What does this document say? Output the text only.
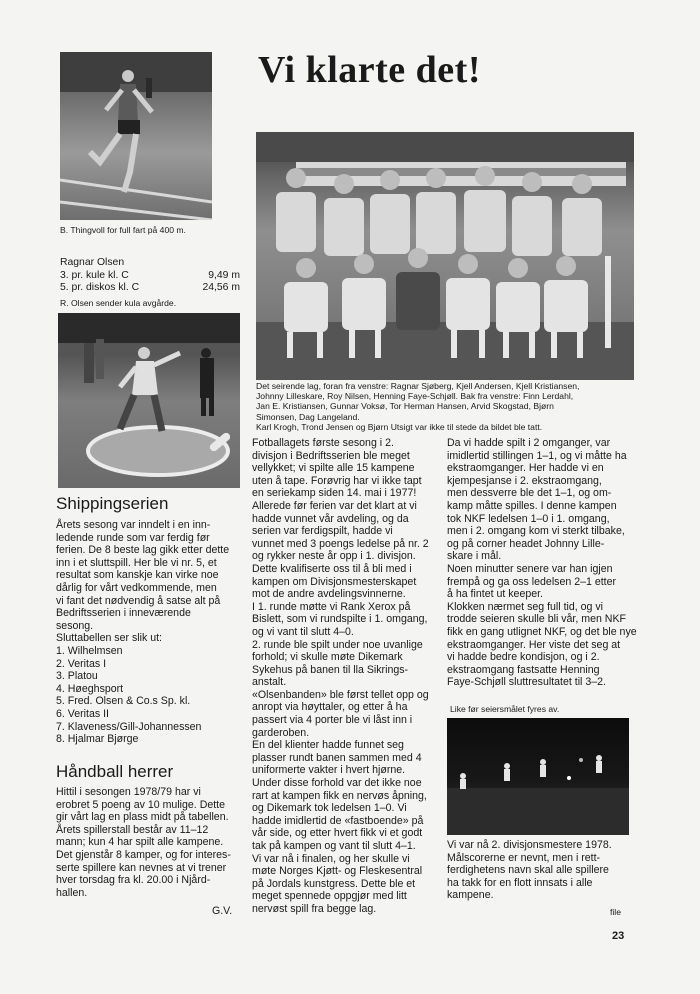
B. Thingvoll for full fart på 400 m.
Ragnar Olsen
3. pr. kule kl. C	9,49 m
5. pr. diskos kl. C	24,56 m
R. Olsen sender kula avgårde.
Vi klarte det!
Det seirende lag, foran fra venstre: Ragnar Sjøberg, Kjell Andersen, Kjell Kristiansen,
Johnny Lilleskare, Roy Nilsen, Henning Faye-Schjøll. Bak fra venstre: Finn Lerdahl,
Jan E. Kristiansen, Gunnar Voksø, Tor Herman Hansen, Arvid Skogstad, Bjørn
Simonsen, Dag Langeland.
Karl Krogh, Trond Jensen og Bjørn Utsigt var ikke til stede da bildet ble tatt.
Shippingserien
Årets sesong var inndelt i en inn-
ledende runde som var ferdig før
ferien. De 8 beste lag gikk etter dette
inn i et sluttspill. Her ble vi nr. 5, et
resultat som kanskje kan virke noe
dårlig for vårt vedkommende, men
vi fant det nødvendig å satse alt på
Bedriftsserien i inneværende
sesong.
Sluttabellen ser slik ut:
1. Wilhelmsen
2. Veritas I
3. Platou
4. Høeghsport
5. Fred. Olsen & Co.s Sp. kl.
6. Veritas II
7. Klaveness/Gill-Johannessen
8. Hjalmar Bjørge
Håndball herrer
Hittil i sesongen 1978/79 har vi
erobret 5 poeng av 10 mulige. Dette
gir vårt lag en plass midt på tabellen.
Årets spillerstall består av 11–12
mann; kun 4 har spilt alle kampene.
Det gjenstår 8 kamper, og for interes-
serte spillere kan nevnes at vi trener
hver torsdag fra kl. 20.00 i Njård-
hallen.
G.V.
Fotballagets første sesong i 2.
divisjon i Bedriftsserien ble meget
vellykket; vi spilte alle 15 kampene
uten å tape. Forøvrig har vi ikke tapt
en seriekamp siden 14. mai i 1977!
Allerede før ferien var det klart at vi
hadde vunnet vår avdeling, og da
serien var ferdigspilt, hadde vi
vunnet med 3 poengs ledelse på nr. 2
og rykker neste år opp i 1. divisjon.
Dette kvalifiserte oss til å bli med i
kampen om Divisjonsmesterskapet
mot de andre avdelingsvinnerne.
I 1. runde møtte vi Rank Xerox på
Bislett, som vi rundspilte i 1. omgang,
og vi vant til slutt 4–0.
2. runde ble spilt under noe uvanlige
forhold; vi skulle møte Dikemark
Sykehus på banen til lla Sikrings-
anstalt.
«Olsenbanden» ble først tellet opp og
anropt via høyttaler, og etter å ha
passert via 4 porter ble vi låst inn i
garderoben.
En del klienter hadde funnet seg
plasser rundt banen sammen med 4
uniformerte vakter i hvert hjørne.
Under disse forhold var det ikke noe
rart at kampen fikk en nervøs åpning,
og Dikemark tok ledelsen 1–0. Vi
hadde imidlertid de «fastboende» på
vår side, og etter hvert fikk vi et godt
tak på kampen og vant til slutt 4–1.
Vi var nå i finalen, og her skulle vi
møte Norges Kjøtt- og Fleskesentral
på Jordals kunstgress. Dette ble et
meget spennede oppgjør med litt
nervøst spill fra begge lag.
Da vi hadde spilt i 2 omganger, var
imidlertid stillingen 1–1, og vi måtte ha
ekstraomganger. Her hadde vi en
kjempesjanse i 2. ekstraomgang,
men dessverre ble det 1–1, og om-
kamp måtte spilles. I denne kampen
tok NKF ledelsen 1–0 i 1. omgang,
men i 2. omgang kom vi sterkt tilbake,
og på corner headet Johnny Lille-
skare i mål.
Noen minutter senere var han igjen
frempå og ga oss ledelsen 2–1 etter
å ha fintet ut keeper.
Klokken nærmet seg full tid, og vi
trodde seieren skulle bli vår, men NKF
fikk en gang utlignet NKF, og det ble nye
ekstraomganger. Her viste det seg at
vi hadde bedre kondisjon, og i 2.
ekstraomgang fastsatte Henning
Faye-Schjøll sluttresultatet til 3–2.
Like før seiersmålet fyres av.
Vi var nå 2. divisjonsmestere 1978.
Målscorerne er nevnt, men i rett-
ferdighetens navn skal alle spillere
ha takk for en flott innsats i alle
kampene.
file
23
